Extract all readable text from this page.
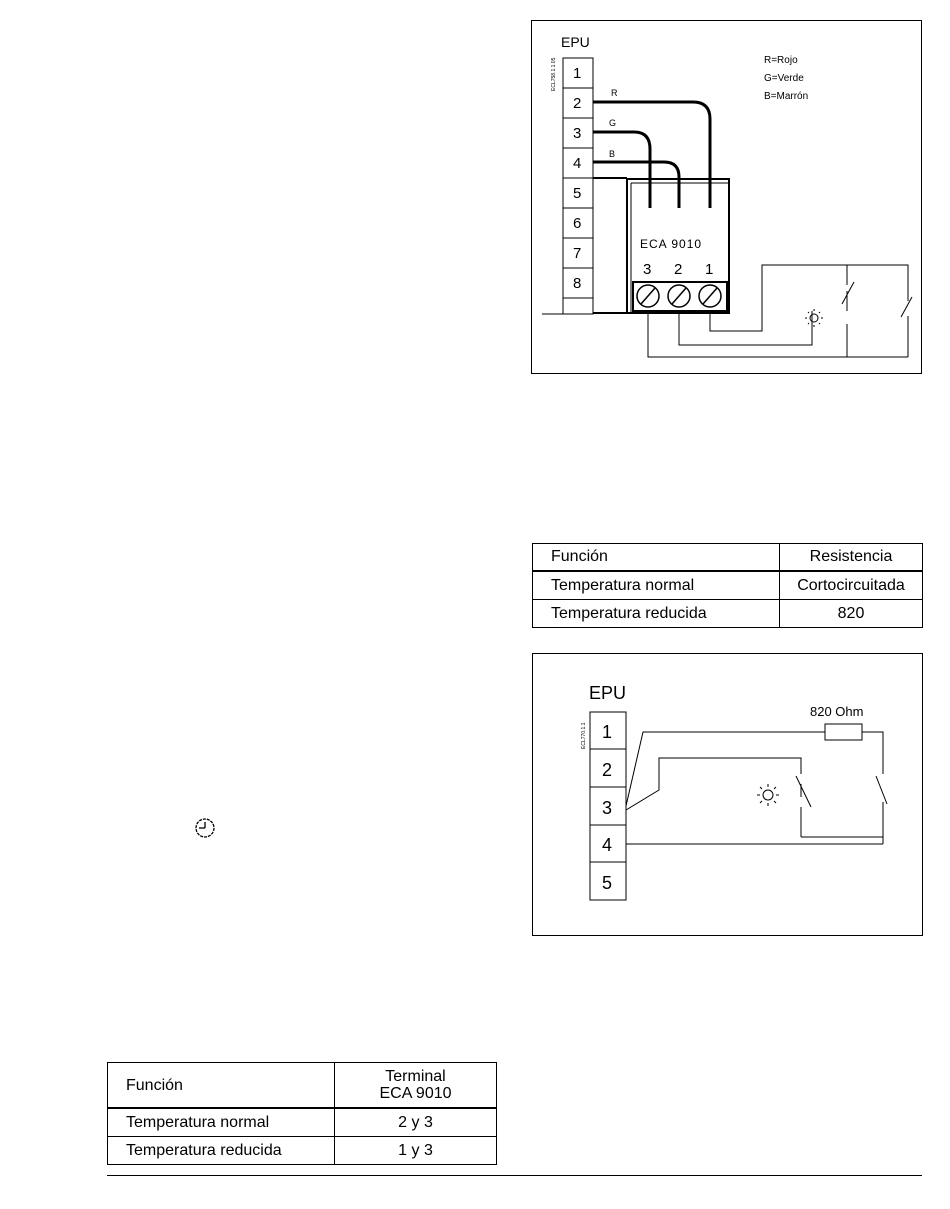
ECL758.1.1.05
EPU
1
2
3
4
5
6
7
8
R=Rojo
G=Verde
B=Marrón
ECA 9010
3 2 1
R
G
B
Función	Resistencia
Temperatura normal	Cortocircuitada
Temperatura reducida	820
ECL770.1.1
EPU
1
2
3
4
5
820 Ohm
Función	Terminal
ECA 9010
Temperatura normal	2 y 3
Temperatura reducida	1 y 3
